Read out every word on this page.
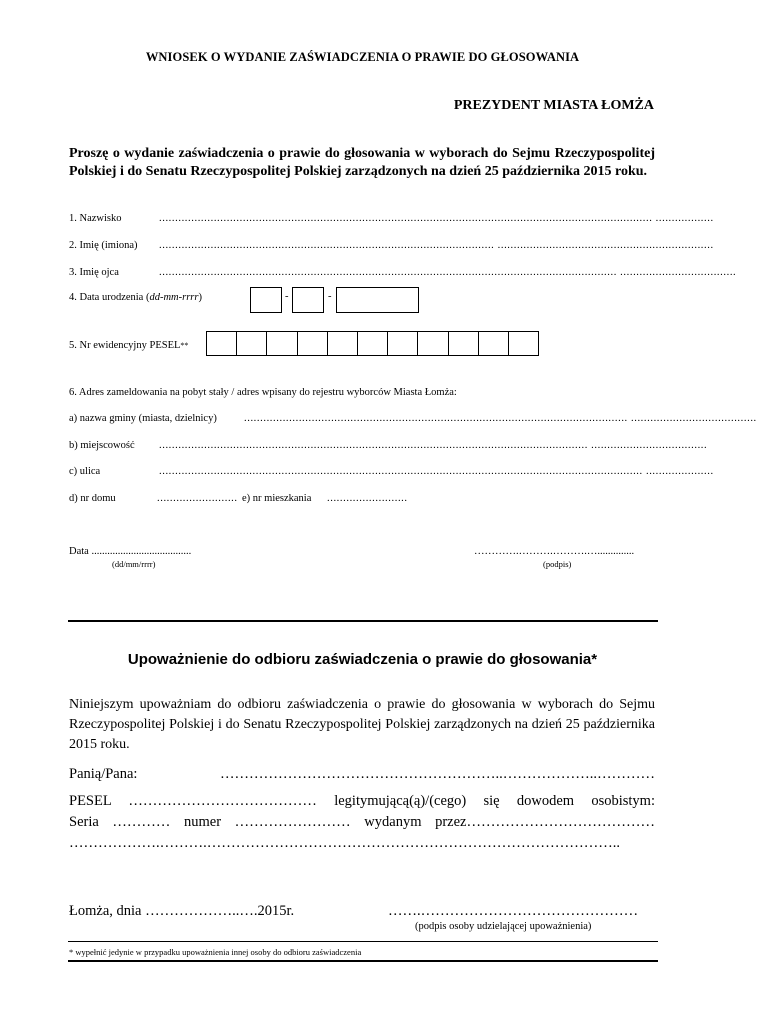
WNIOSEK O WYDANIE ZAŚWIADCZENIA O PRAWIE DO GŁOSOWANIA
PREZYDENT MIASTA ŁOMŻA
Proszę o wydanie zaświadczenia o prawie do głosowania w wyborach do Sejmu Rzeczypospolitej Polskiej i do Senatu Rzeczypospolitej Polskiej zarządzonych na dzień 25 października 2015 roku.
1. Nazwisko	......................................................................................................................................................... ..................
2. Imię (imiona) ........................................................................................................ ...................................................................
3. Imię ojca	.............................................................................................................................................. ....................................
4. Data urodzenia (dd-mm-rrrr)	-	-
5. Nr ewidencyjny PESEL**
6. Adres zameldowania na pobyt stały / adres wpisany do rejestru wyborców Miasta Łomża:
a) nazwa gminy (miasta, dzielnicy)	....................................................................................................................... .......................................
b) miejscowość ..................................................................................................................................... ....................................
c) ulica	...................................................................................................................................................... .....................
d) nr domu	......................... e) nr mieszkania .........................
Data ......................................
(dd/mm/rrrr)
………….……….……….…..............
(podpis)
Upoważnienie do odbioru zaświadczenia o prawie do głosowania*
Niniejszym upoważniam do odbioru zaświadczenia o prawie do głosowania w wyborach do Sejmu Rzeczypospolitej Polskiej i do Senatu Rzeczypospolitej Polskiej zarządzonych na dzień 25 października 2015 roku.
Panią/Pana: …………………………………………………..………………..…………
PESEL ………………………………… legitymującą(ą)/(cego) się dowodem osobistym:
Seria ………… numer …………………… wydanym przez…………………………………
……………….……….…………………………………………………………………………..
Łomża, dnia ………………..….2015r.	…….………………………………………
(podpis osoby udzielającej upoważnienia)
* wypełnić jedynie w przypadku upoważnienia innej osoby do odbioru zaświadczenia
